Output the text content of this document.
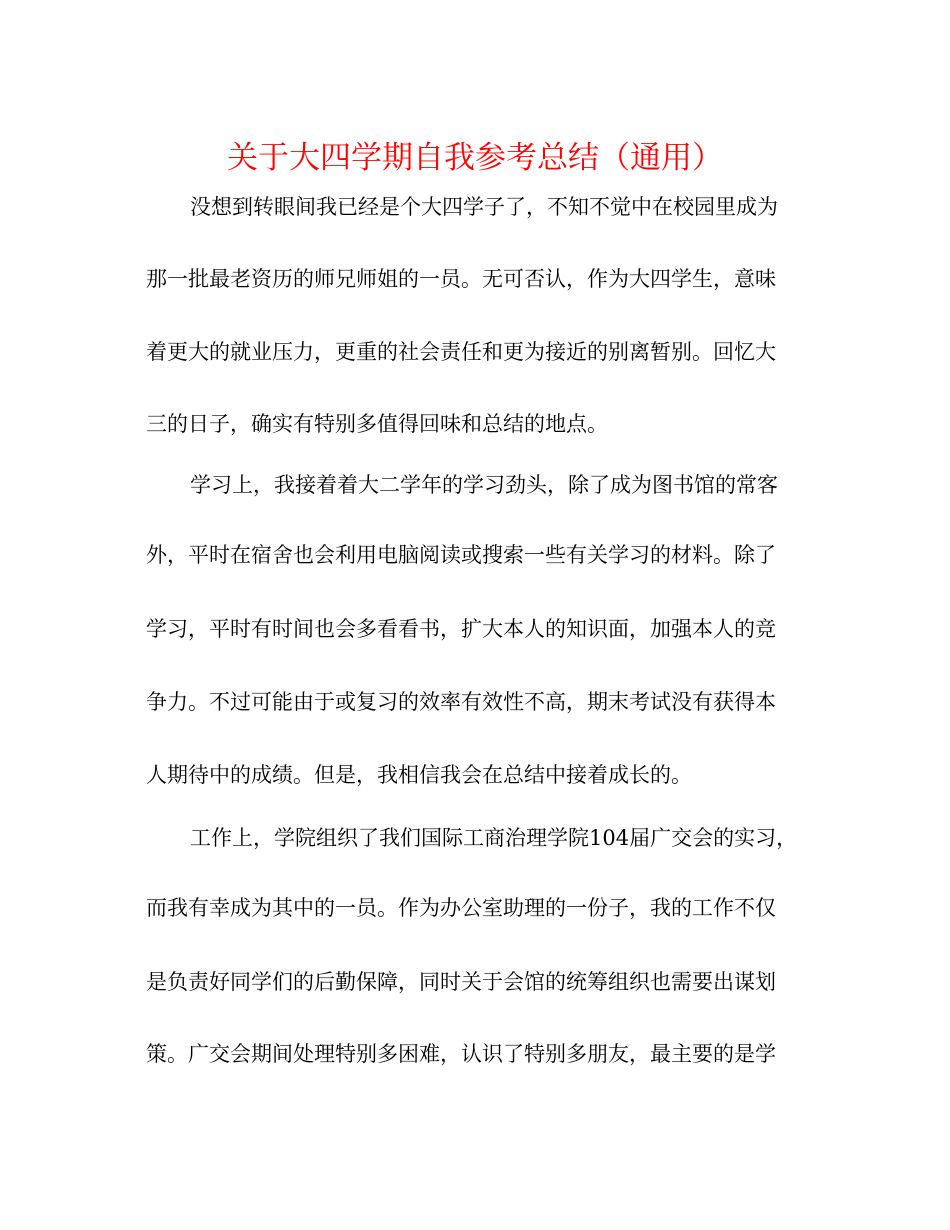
关于大四学期自我参考总结（通用）
没想到转眼间我已经是个大四学子了，不知不觉中在校园里成为
那一批最老资历的师兄师姐的一员。无可否认，作为大四学生，意味
着更大的就业压力，更重的社会责任和更为接近的别离暂别。回忆大
三的日子，确实有特别多值得回味和总结的地点。
学习上，我接着着大二学年的学习劲头，除了成为图书馆的常客
外，平时在宿舍也会利用电脑阅读或搜索一些有关学习的材料。除了
学习，平时有时间也会多看看书，扩大本人的知识面，加强本人的竞
争力。不过可能由于或复习的效率有效性不高，期末考试没有获得本
人期待中的成绩。但是，我相信我会在总结中接着成长的。
工作上，学院组织了我们国际工商治理学院104届广交会的实习，
而我有幸成为其中的一员。作为办公室助理的一份子，我的工作不仅
是负责好同学们的后勤保障，同时关于会馆的统筹组织也需要出谋划
策。广交会期间处理特别多困难，认识了特别多朋友，最主要的是学
